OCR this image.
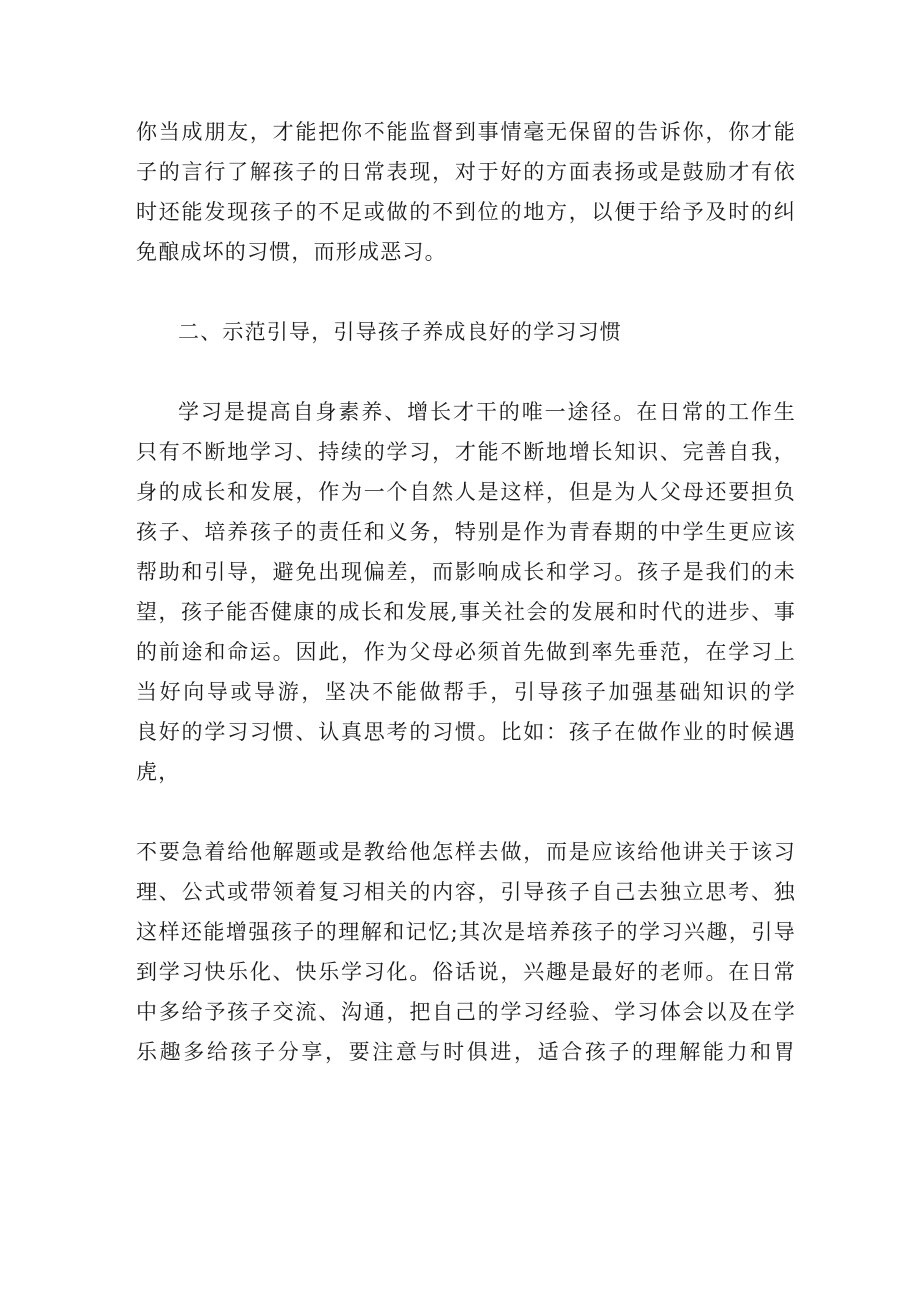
你当成朋友，才能把你不能监督到事情毫无保留的告诉你，你才能
子的言行了解孩子的日常表现，对于好的方面表扬或是鼓励才有依
时还能发现孩子的不足或做的不到位的地方，以便于给予及时的纠
免酿成坏的习惯，而形成恶习。
二、示范引导，引导孩子养成良好的学习习惯
学习是提高自身素养、增长才干的唯一途径。在日常的工作生
只有不断地学习、持续的学习，才能不断地增长知识、完善自我，
身的成长和发展，作为一个自然人是这样，但是为人父母还要担负
孩子、培养孩子的责任和义务，特别是作为青春期的中学生更应该
帮助和引导，避免出现偏差，而影响成长和学习。孩子是我们的未
望，孩子能否健康的成长和发展,事关社会的发展和时代的进步、事
的前途和命运。因此，作为父母必须首先做到率先垂范，在学习上
当好向导或导游，坚决不能做帮手，引导孩子加强基础知识的学
良好的学习习惯、认真思考的习惯。比如：孩子在做作业的时候遇
虎，
不要急着给他解题或是教给他怎样去做，而是应该给他讲关于该习
理、公式或带领着复习相关的内容，引导孩子自己去独立思考、独
这样还能增强孩子的理解和记忆;其次是培养孩子的学习兴趣，引导
到学习快乐化、快乐学习化。俗话说，兴趣是最好的老师。在日常
中多给予孩子交流、沟通，把自己的学习经验、学习体会以及在学
乐趣多给孩子分享，要注意与时俱进，适合孩子的理解能力和胃
